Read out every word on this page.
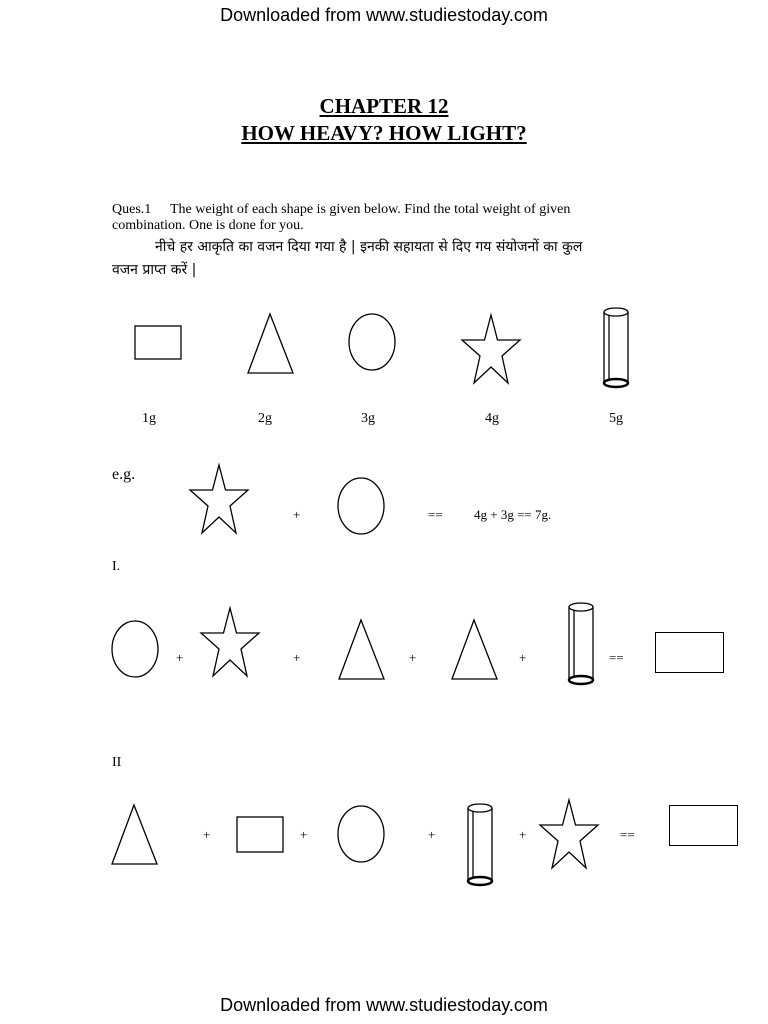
Downloaded from www.studiestoday.com
CHAPTER 12
HOW HEAVY? HOW LIGHT?
Ques.1 The weight of each shape is given below. Find the total weight of given
combination. One is done for you.
नीचे हर आकृति का वजन दिया गया है | इनकी सहायता से दिए गय संयोजनों का कुल
वजन प्राप्त करें |
1g	2g	3g	4g	5g
e.g.
+	== 4g + 3g == 7g.
I.
+	+	+	+	==
II
+	+	+	+	==
Downloaded from www.studiestoday.com
